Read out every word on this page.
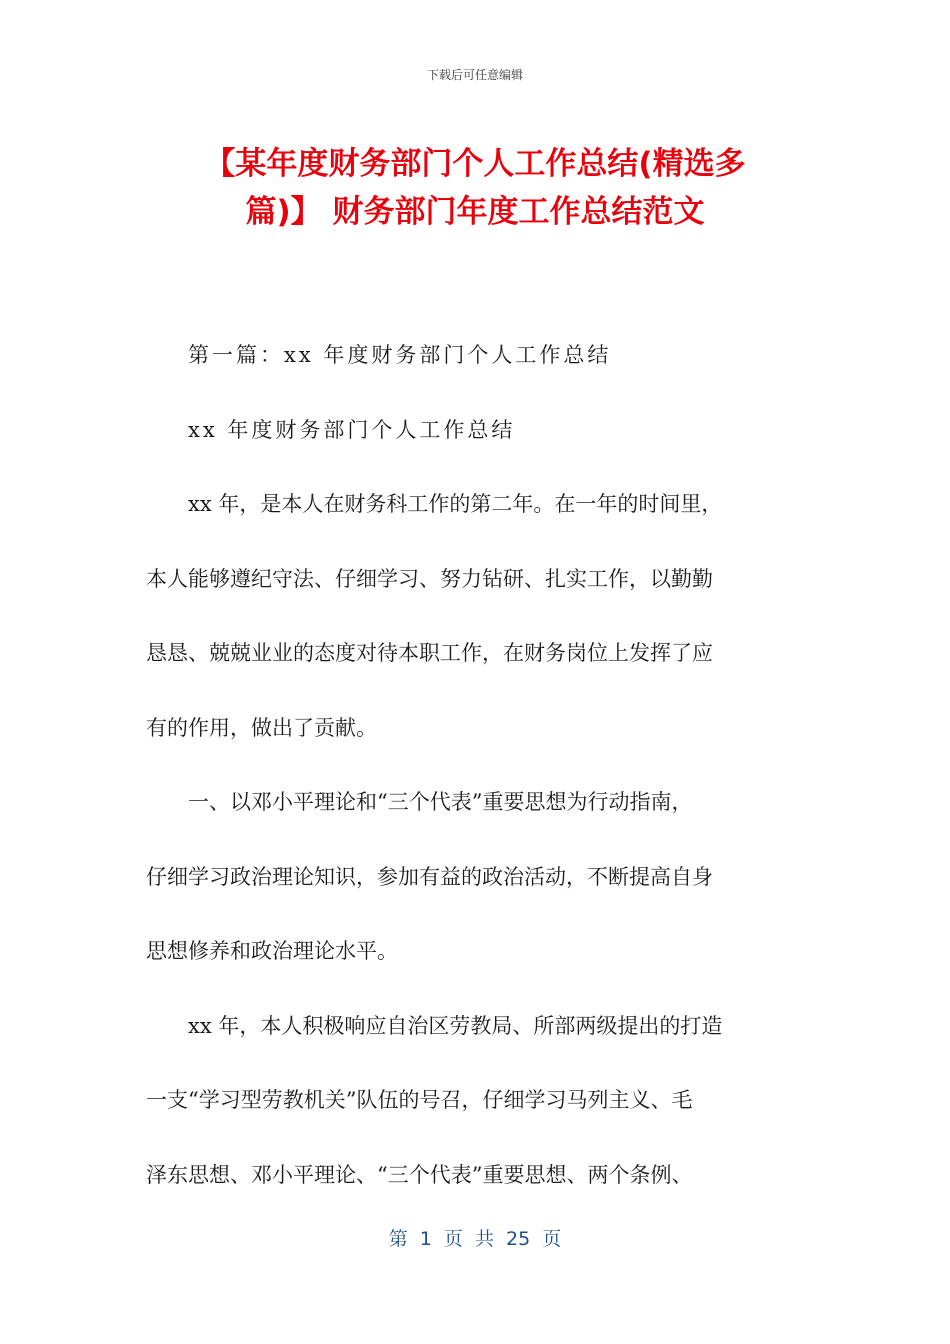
下载后可任意编辑
【某年度财务部门个人工作总结(精选多
篇)】 财务部门年度工作总结范文
第一篇：xx 年度财务部门个人工作总结
xx 年度财务部门个人工作总结
xx 年，是本人在财务科工作的第二年。在一年的时间里，
本人能够遵纪守法、仔细学习、努力钻研、扎实工作，以勤勤
恳恳、兢兢业业的态度对待本职工作，在财务岗位上发挥了应
有的作用，做出了贡献。
一、以邓小平理论和“三个代表”重要思想为行动指南，
仔细学习政治理论知识，参加有益的政治活动，不断提高自身
思想修养和政治理论水平。
xx 年，本人积极响应自治区劳教局、所部两级提出的打造
一支“学习型劳教机关”队伍的号召，仔细学习马列主义、毛
泽东思想、邓小平理论、“三个代表”重要思想、两个条例、
第 1 页 共 25 页
